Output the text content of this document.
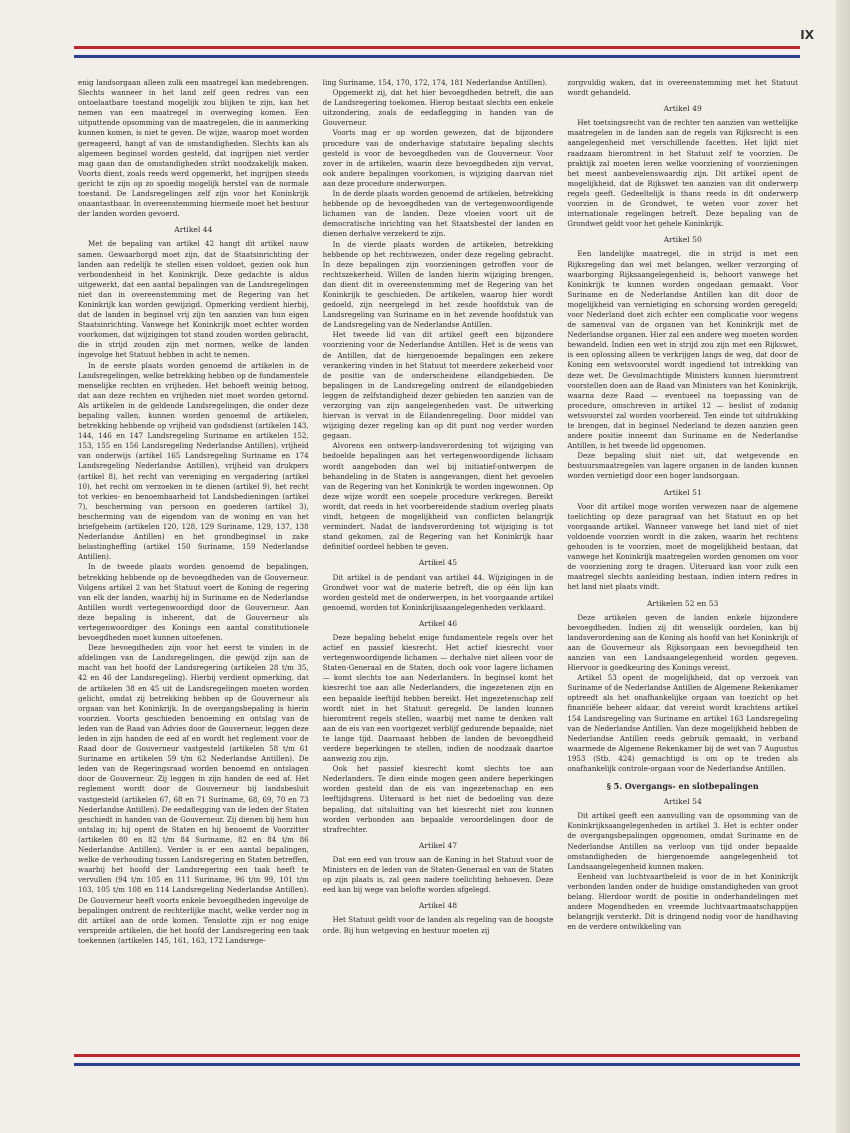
IX

enig landsorgaan alleen zulk een maatregel kan medebrengen. Slechts wanneer in het land zelf geen redres van een ontoelaatbare toestand mogelijk zou blijken te zijn, kan het nemen van een maatregel in overweging komen. Een uitputtende opsomming van de maatregelen, die in aanmerking kunnen komen, is niet te geven. De wijze, waarop moet worden gereageerd, hangt af van de omstandigheden. Slechts kan als algemeen beginsel worden gesteld, dat ingrijpen niet verder mag gaan dan de omstandigheden strikt noodzakelijk maken. Voorts dient, zoals reeds werd opgemerkt, het ingrijpen steeds gericht te zijn op zo spoedig mogelijk herstel van de normale toestand. De Landsregelingen zelf zijn voor het Koninkrijk onaantastbaar. In overeenstemming hiermede moet het bestuur der landen worden gevoerd.

Artikel 44

Met de bepaling van artikel 42 hangt dit artikel nauw samen. Gewaarborgd moet zijn, dat de Staatsinrichting der landen aan redelijk te stellen eisen voldoet, gezien ook hun verbondenheid in het Koninkrijk. Deze gedachte is aldus uitgewerkt, dat een aantal bepalingen van de Landsregelingen niet dan in overeenstemming met de Regering van het Koninkrijk kan worden gewijzigd. Opmerking verdient hierbij, dat de landen in beginsel vrij zijn ten aanzien van hun eigen Staatsinrichting. Vanwege het Koninkrijk moet echter worden voorkomen, dat wijzigingen tot stand zouden worden gebracht, die in strijd zouden zijn met normen, welke de landen ingevolge het Statuut hebben in acht te nemen.

In de eerste plaats worden genoemd de artikelen in de Landsregelingen, welke betrekking hebben op de fundamentele menselijke rechten en vrijheden. Het behoeft weinig betoog, dat aan deze rechten en vrijheden niet moet worden getornd. Als artikelen in de geldende Landsregelingen, die onder deze bepaling vallen, kunnen worden genoemd de artikelen, betrekking hebbende op vrijheid van godsdienst (artikelen 143, 144, 146 en 147 Landsregeling Suriname en artikelen 152, 153, 155 en 156 Landsregeling Nederlandse Antillen), vrijheid van onderwijs (artikel 165 Landsregeling Suriname en 174 Landsregeling Nederlandse Antillen), vrijheid van drukpers (artikel 8), het recht van vereniging en vergadering (artikel 10), het recht om verzoeken in te dienen (artikel 9), het recht tot verkies- en benoembaarheid tot Landsbedieningen (artikel 7), bescherming van persoon en goederen (artikel 3), bescherming van de eigendom van de woning en van het briefgeheim (artikelen 120, 128, 129 Suriname, 129, 137, 138 Nederlandse Antillen) en het grondbeginsel in zake belastingheffing (artikel 150 Suriname, 159 Nederlandse Antillen).

In de tweede plaats worden genoemd de bepalingen, betrekking hebbende op de bevoegdheden van de Gouverneur. Volgens artikel 2 van het Statuut voert de Koning de regering van elk der landen, waarbij hij in Suriname en de Nederlandse Antillen wordt vertegenwoordigd door de Gouverneur. Aan deze bepaling is inherent, dat de Gouverneur als vertegenwoordiger des Konings een aantal constitutionele bevoegdheden moet kunnen uitoefenen.

Deze bevoegdheden zijn voor het eerst te vinden in de afdelingen van de Landsregelingen, die gewijd zijn aan de macht van het hoofd der Landsregering (artikelen 28 t/m 35, 42 en 46 der Landsregeling). Hierbij verdient opmerking, dat de artikelen 38 en 45 uit de Landsregelingen moeten worden gelicht, omdat zij betrekking hebben op de Gouverneur als orgaan van het Koninkrijk. In de overgangsbepaling is hierin voorzien. Voorts geschieden benoeming en ontslag van de leden van de Raad van Advies door de Gouverneur, leggen deze leden in zijn handen de eed af en wordt het reglement voor de Raad door de Gouverneur vastgesteld (artikelen 58 t/m 61 Suriname en artikelen 59 t/m 62 Nederlandse Antillen). De leden van de Regeringsraad worden benoemd en ontslagen door de Gouverneur. Zij leggen in zijn handen de eed af. Het reglement wordt door de Gouverneur bij landsbesluit vastgesteld (artikelen 67, 68 en 71 Suriname, 68, 69, 70 en 73 Nederlandse Antillen). De eedaflegging van de leden der Staten geschiedt in handen van de Gouverneur. Zij dienen bij hem hun ontslag in; hij opent de Staten en hij benoemt de Voorzitter (artikelen 80 en 82 t/m 84 Suriname, 82 en 84 t/m 86 Nederlandse Antillen). Verder is er een aantal bepalingen, welke de verhouding tussen Landsregering en Staten betreffen, waarbij het hoofd der Landsregering een taak heeft te vervullen (94 t/m 105 en 111 Suriname, 96 t/m 99, 101 t/m 103, 105 t/m 108 en 114 Landsregeling Nederlandse Antillen). De Gouverneur heeft voorts enkele bevoegdheden ingevolge de bepalingen omtrent de rechterlijke macht, welke verder nog in dit artikel aan de orde komen. Tenslotte zijn er nog enige verspreide artikelen, die het hoofd der Landsregering een taak toekennen (artikelen 145, 161, 163, 172 Landsrege-

ling Suriname, 154, 170, 172, 174, 181 Nederlandse Antillen).

Opgemerkt zij, dat het hier bevoegdheden betreft, die aan de Landsregering toekomen. Hierop bestaat slechts een enkele uitzondering, zoals de eedaflegging in handen van de Gouverneur.

Voorts mag er op worden gewezen, dat de bijzondere procedure van de onderhavige statutaire bepaling slechts gesteld is voor de bevoegdheden van de Gouverneur. Voor zover in de artikelen, waarin deze bevoegdheden zijn vervat, ook andere bepalingen voorkomen, is wijziging daarvan niet aan deze procedure onderworpen.

In de derde plaats worden genoemd de artikelen, betrekking hebbende op de bevoegdheden van de vertegenwoordigende lichamen van de landen. Deze vloeien voort uit de democratische inrichting van het Staatsbestel der landen en dienen derhalve verzekerd te zijn.

In de vierde plaats worden de artikelen, betrekking hebbende op het rechtswezen, onder deze regeling gebracht. In deze bepalingen zijn voorzieningen getroffen voor de rechtszekerheid. Willen de landen hierin wijziging brengen, dan dient dit in overeenstemming met de Regering van het Koninkrijk te geschieden. De artikelen, waarop hier wordt gedoeld, zijn neergelegd in het zesde hoofdstuk van de Landsregeling van Suriname en in het zevende hoofdstuk van de Landsregeling van de Nederlandse Antillen.

Het tweede lid van dit artikel geeft een bijzondere voorziening voor de Nederlandse Antillen. Het is de wens van de Antillen, dat de hiergenoemde bepalingen een zekere verankering vinden in het Statuut tot meerdere zekerheid voor de positie van de onderscheidene eilandgebieden. De bepalingen in de Landsregeling omtrent de eilandgebieden leggen de zelfstandigheid dezer gebieden ten aanzien van de verzorging van zijn aangelegenheden vast. De uitwerking hiervan is vervat in de Eilandenregeling. Door middel van wijziging dezer regeling kan op dit punt nog verder worden gegaan.

Alvorens een ontwerp-landsverordening tot wijziging van bedoelde bepalingen aan het vertegenwoordigende lichaam wordt aangeboden dan wel bij initiatief-ontwerpen de behandeling in de Staten is aangevangen, dient het gevoelen van de Regering van het Koninkrijk te worden ingewonnen. Op deze wijze wordt een soepele procedure verkregen. Bereikt wordt, dat reeds in het voorbereidende stadium overleg plaats vindt, hetgeen de mogelijkheid van conflicten belangrijk vermindert. Nadat de landsverordening tot wijziging is tot stand gekomen, zal de Regering van het Koninkrijk haar definitief oordeel hebben te geven.

Artikel 45

Dit artikel is de pendant van artikel 44. Wijzigingen in de Grondwet voor wat de materie betreft, die op één lijn kan worden gesteld met de onderwerpen, in het voorgaande artikel genoemd, worden tot Koninkrijksaangelegenheden verklaard.

Artikel 46

Deze bepaling behelst enige fundamentele regels over het actief en passief kiesrecht. Het actief kiesrecht voor vertegenwoordigende lichamen — derhalve niet alleen voor de Staten-Generaal en de Staten, doch ook voor lagere lichamen — komt slechts toe aan Nederlanders. In beginsel komt het kiesrecht toe aan alle Nederlanders, die ingezetenen zijn en een bepaalde leeftijd hebben bereikt. Het ingezetenschap zelf wordt niet in het Statuut geregeld. De landen kunnen hieromtrent regels stellen, waarbij met name te denken valt aan de eis van een voortgezet verblijf gedurende bepaalde, niet te lange tijd. Daarnaast hebben de landen de bevoegdheid verdere beperkingen te stellen, indien de noodzaak daartoe aanwezig zou zijn.

Ook het passief kiesrecht komt slechts toe aan Nederlanders. Te dien einde mogen geen andere beperkingen worden gesteld dan de eis van ingezetenschap en een leeftijdsgrens. Uiteraard is het niet de bedoeling van deze bepaling, dat uitsluiting van het kiesrecht niet zou kunnen worden verbonden aan bepaalde veroordelingen door de strafrechter.

Artikel 47

Dat een eed van trouw aan de Koning in het Statuut voor de Ministers en de leden van de Staten-Generaal en van de Staten op zijn plaats is, zal geen nadere toelichting behoeven. Deze eed kan bij wege van belofte worden afgelegd.

Artikel 48

Het Statuut geldt voor de landen als regeling van de hoogste orde. Bij hun wetgeving en bestuur moeten zij

zorgvuldig waken, dat in overeenstemming met het Statuut wordt gehandeld.

Artikel 49

Het toetsingsrecht van de rechter ten aanzien van wettelijke maatregelen in de landen aan de regels van Rijksrecht is een aangelegenheid met verschillende facetten. Het lijkt niet raadzaam hieromtrent in het Statuut zelf te voorzien. De praktijk zal moeten leren welke voorziening of voorzieningen het meest aanbevelenswaardig zijn. Dit artikel opent de mogelijkheid, dat de Rijkswet ten aanzien van dit onderwerp regels geeft. Gedeeltelijk is thans reeds in dit onderwerp voorzien in de Grondwet, te weten voor zover het internationale regelingen betreft. Deze bepaling van de Grondwet geldt voor het gehele Koninkrijk.

Artikel 50

Een landelijke maatregel, die in strijd is met een Rijksregeling dan wel met belangen, welker verzorging of waarborging Rijksaangelegenheid is, behoort vanwege het Koninkrijk te kunnen worden ongedaan gemaakt. Voor Suriname en de Nederlandse Antillen kan dit door de mogelijkheid van vernietiging en schorsing worden geregeld; voor Nederland doet zich echter een complicatie voor wegens de samenval van de organen van het Koninkrijk met de Nederlandse organen. Hier zal een andere weg moeten worden bewandeld. Indien een wet in strijd zou zijn met een Rijkswet, is een oplossing alleen te verkrijgen langs de weg, dat door de Koning een wetsvoorstel wordt ingediend tot intrekking van deze wet. De Gevolmachtigde Ministers kunnen hieromtrent voorstellen doen aan de Raad van Ministers van het Koninkrijk, waarna deze Raad — eventueel na toepassing van de procedure, omschreven in artikel 12 — beslist of zodanig wetsvoorstel zal worden voorbereid. Ten einde tot uitdrukking te brengen, dat in beginsel Nederland te dezen aanzien geen andere positie inneemt dan Suriname en de Nederlandse Antillen, is het tweede lid opgenomen.

Deze bepaling sluit niet uit, dat wetgevende en bestuursmaatregelen van lagere organen in de landen kunnen worden vernietigd door een hoger landsorgaan.

Artikel 51

Voor dit artikel moge worden verwezen naar de algemene toelichting op deze paragraaf van het Statuut en op het voorgaande artikel. Wanneer vanwege het land niet of niet voldoende voorzien wordt in die zaken, waarin het rechtens gehouden is te voorzien, moet de mogelijkheid bestaan, dat vanwege het Koninkrijk maatregelen worden genomen om voor de voorziening zorg te dragen. Uiteraard kan voor zulk een maatregel slechts aanleiding bestaan, indien intern redres in het land niet plaats vindt.

Artikelen 52 en 53

Deze artikelen geven de landen enkele bijzondere bevoegdheden. Indien zij dit wenselijk oordelen, kan bij landsverordening aan de Koning als hoofd van het Koninkrijk of aan de Gouverneur als Rijksorgaan een bevoegdheid ten aanzien van een Landsaangelegenheid worden gegeven. Hiervoor is goedkeuring des Konings vereist.

Artikel 53 opent de mogelijkheid, dat op verzoek van Suriname of de Nederlandse Antillen de Algemene Rekenkamer optreedt als het onafhankelijke orgaan van toezicht op het financiële beheer aldaar, dat vereist wordt krachtens artikel 154 Landsregeling van Suriname en artikel 163 Landsregeling van de Nederlandse Antillen. Van deze mogelijkheid hebben de Nederlandse Antillen reeds gebruik gemaakt, in verband waarmede de Algemene Rekenkamer bij de wet van 7 Augustus 1953 (Stb. 424) gemachtigd is om op te treden als onafhankelijk controle-orgaan voor de Nederlandse Antillen.

§ 5. Overgangs- en slotbepalingen
Artikel 54

Dit artikel geeft een aanvulling van de opsomming van de Koninkrijksaangelegenheden in artikel 3. Het is echter onder de overgangsbepalingen opgenomen, omdat Suriname en de Nederlandse Antillen na verloop van tijd onder bepaalde omstandigheden de hiergenoemde aangelegenheid tot Landsaangelegenheid kunnen maken.

Eenheid van luchtvaartbeleid is voor de in het Koninkrijk verbonden landen onder de huidige omstandigheden van groot belang. Hierdoor wordt de positie in onderhandelingen met andere Mogendheden en vreemde luchtvaartmaatschappijen belangrijk versterkt. Dit is dringend nodig voor de handhaving en de verdere ontwikkeling van
